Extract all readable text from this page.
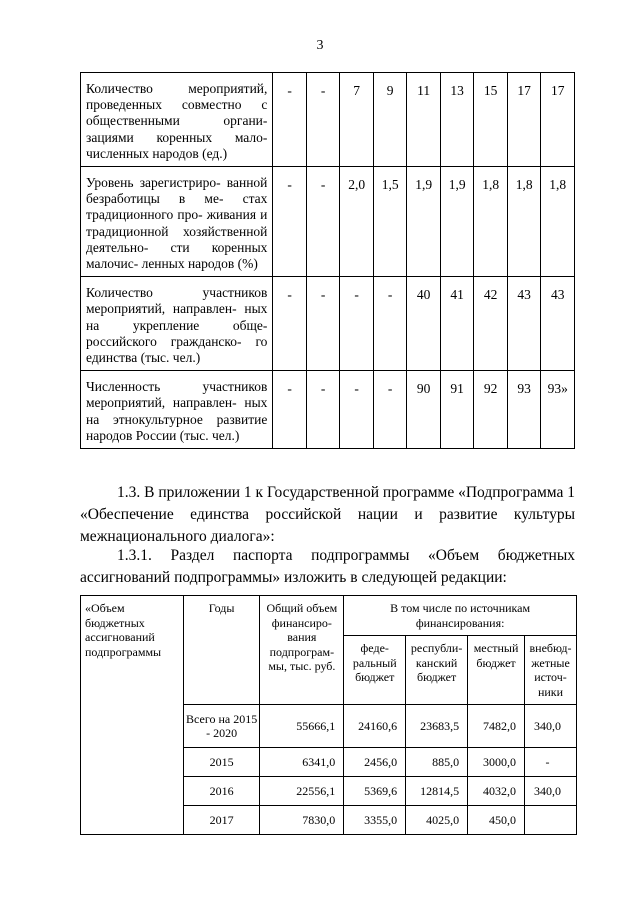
3
Количество мероприятий, проведенных совместно с общественными органи- зациями коренных мало- численных народов (ед.)	-	-	7	9	11	13	15	17	17
Уровень зарегистриро- ванной безработицы в ме- стах традиционного про- живания и традиционной хозяйственной деятельно- сти коренных малочис- ленных народов (%)	-	-	2,0	1,5	1,9	1,9	1,8	1,8	1,8
Количество участников мероприятий, направлен- ных на укрепление обще- российского гражданско- го единства (тыс. чел.)	-	-	-	-	40	41	42	43	43
Численность участников мероприятий, направлен- ных на этнокультурное развитие народов России (тыс. чел.)	-	-	-	-	90	91	92	93	93»

1.3. В приложении 1 к Государственной программе «Подпрограмма 1 «Обеспечение единства российской нации и развитие культуры межнационального диалога»:

1.3.1. Раздел паспорта подпрограммы «Объем бюджетных ассигнований подпрограммы» изложить в следующей редакции:

«Объем бюджетных ассигнований подпрограммы	Годы	Общий объем финансиро-вания подпрограм-мы, тыс. руб.	В том числе по источникам финансирования:			
			феде-ральный бюджет	республи-канский бюджет	местный бюджет	внебюд-жетные источ-ники
	Всего на 2015 - 2020	55666,1	24160,6	23683,5	7482,0	340,0
	2015	6341,0	2456,0	885,0	3000,0	-
	2016	22556,1	5369,6	12814,5	4032,0	340,0
	2017	7830,0	3355,0	4025,0	450,0	
